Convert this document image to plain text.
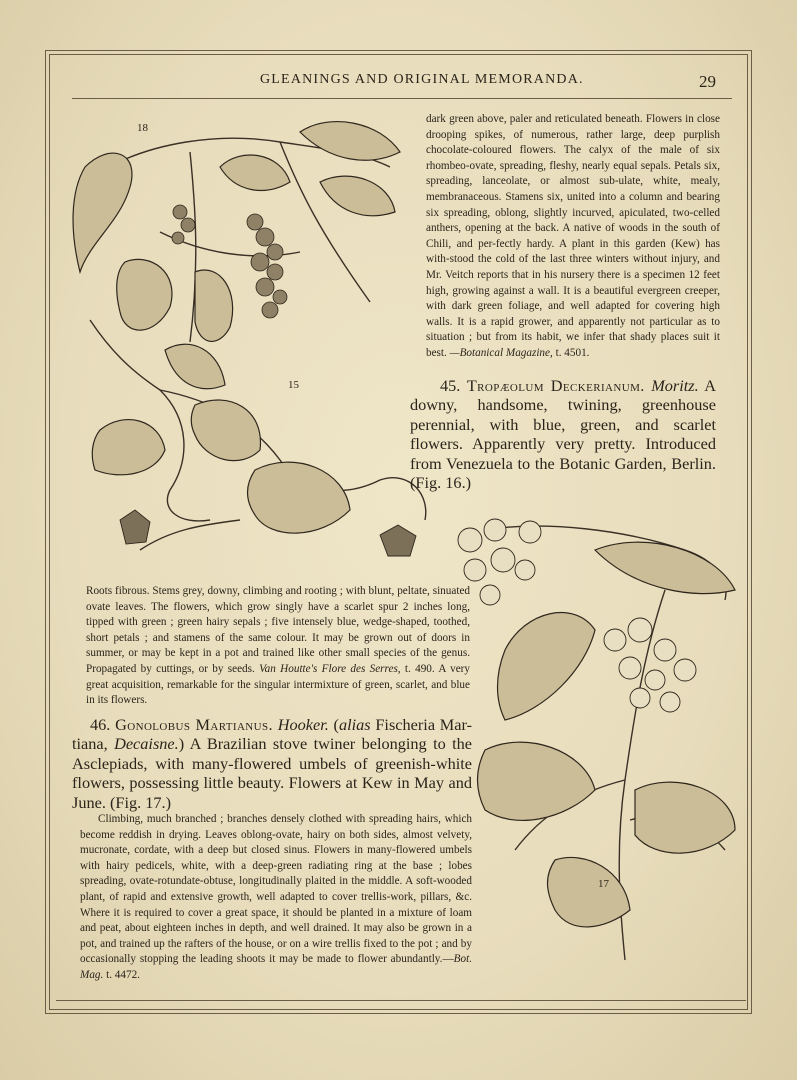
GLEANINGS AND ORIGINAL MEMORANDA.	29
18
dark green above, paler and reticulated beneath. Flowers in close drooping spikes, of numerous, rather large, deep purplish chocolate-coloured flowers. The calyx of the male of six rhombeo-ovate, spreading, fleshy, nearly equal sepals. Petals six, spreading, lanceolate, or almost sub-ulate, white, mealy, membranaceous. Stamens six, united into a column and bearing six spreading, oblong, slightly incurved, apiculated, two-celled anthers, opening at the back. A native of woods in the south of Chili, and per-fectly hardy. A plant in this garden (Kew) has with-stood the cold of the last three winters without injury, and Mr. Veitch reports that in his nursery there is a specimen 12 feet high, growing against a wall. It is a beautiful evergreen creeper, with dark green foliage, and well adapted for covering high walls. It is a rapid grower, and apparently not particular as to situation ; but from its habit, we infer that shady places suit it best. —Botanical Magazine, t. 4501.
15	45. Tropæolum Deckerianum. Moritz. A downy, handsome, twining, greenhouse perennial, with blue, green, and scarlet flowers. Apparently very pretty. Introduced from Venezuela to the Botanic Garden, Berlin. (Fig. 16.)
17
Roots fibrous. Stems grey, downy, climbing and rooting ; with blunt, peltate, sinuated ovate leaves. The flowers, which grow singly have a scarlet spur 2 inches long, tipped with green ; green hairy sepals ; five intensely blue, wedge-shaped, toothed, short petals ; and stamens of the same colour. It may be grown out of doors in summer, or may be kept in a pot and trained like other small species of the genus. Propagated by cuttings, or by seeds. Van Houtte's Flore des Serres, t. 490. A very great acquisition, remarkable for the singular intermixture of green, scarlet, and blue in its flowers.
46. Gonolobus Martianus. Hooker. (alias Fischeria Mar-tiana, Decaisne.) A Brazilian stove twiner belonging to the Asclepiads, with many-flowered umbels of greenish-white flowers, possessing little beauty. Flowers at Kew in May and June. (Fig. 17.)
Climbing, much branched ; branches densely clothed with spreading hairs, which become reddish in drying. Leaves oblong-ovate, hairy on both sides, almost velvety, mucronate, cordate, with a deep but closed sinus. Flowers in many-flowered umbels with hairy pedicels, white, with a deep-green radiating ring at the base ; lobes spreading, ovate-rotundate-obtuse, longitudinally plaited in the middle. A soft-wooded plant, of rapid and extensive growth, well adapted to cover trellis-work, pillars, &c. Where it is required to cover a great space, it should be planted in a mixture of loam and peat, about eighteen inches in depth, and well drained. It may also be grown in a pot, and trained up the rafters of the house, or on a wire trellis fixed to the pot ; and by occasionally stopping the leading shoots it may be made to flower abundantly.—Bot. Mag. t. 4472.
